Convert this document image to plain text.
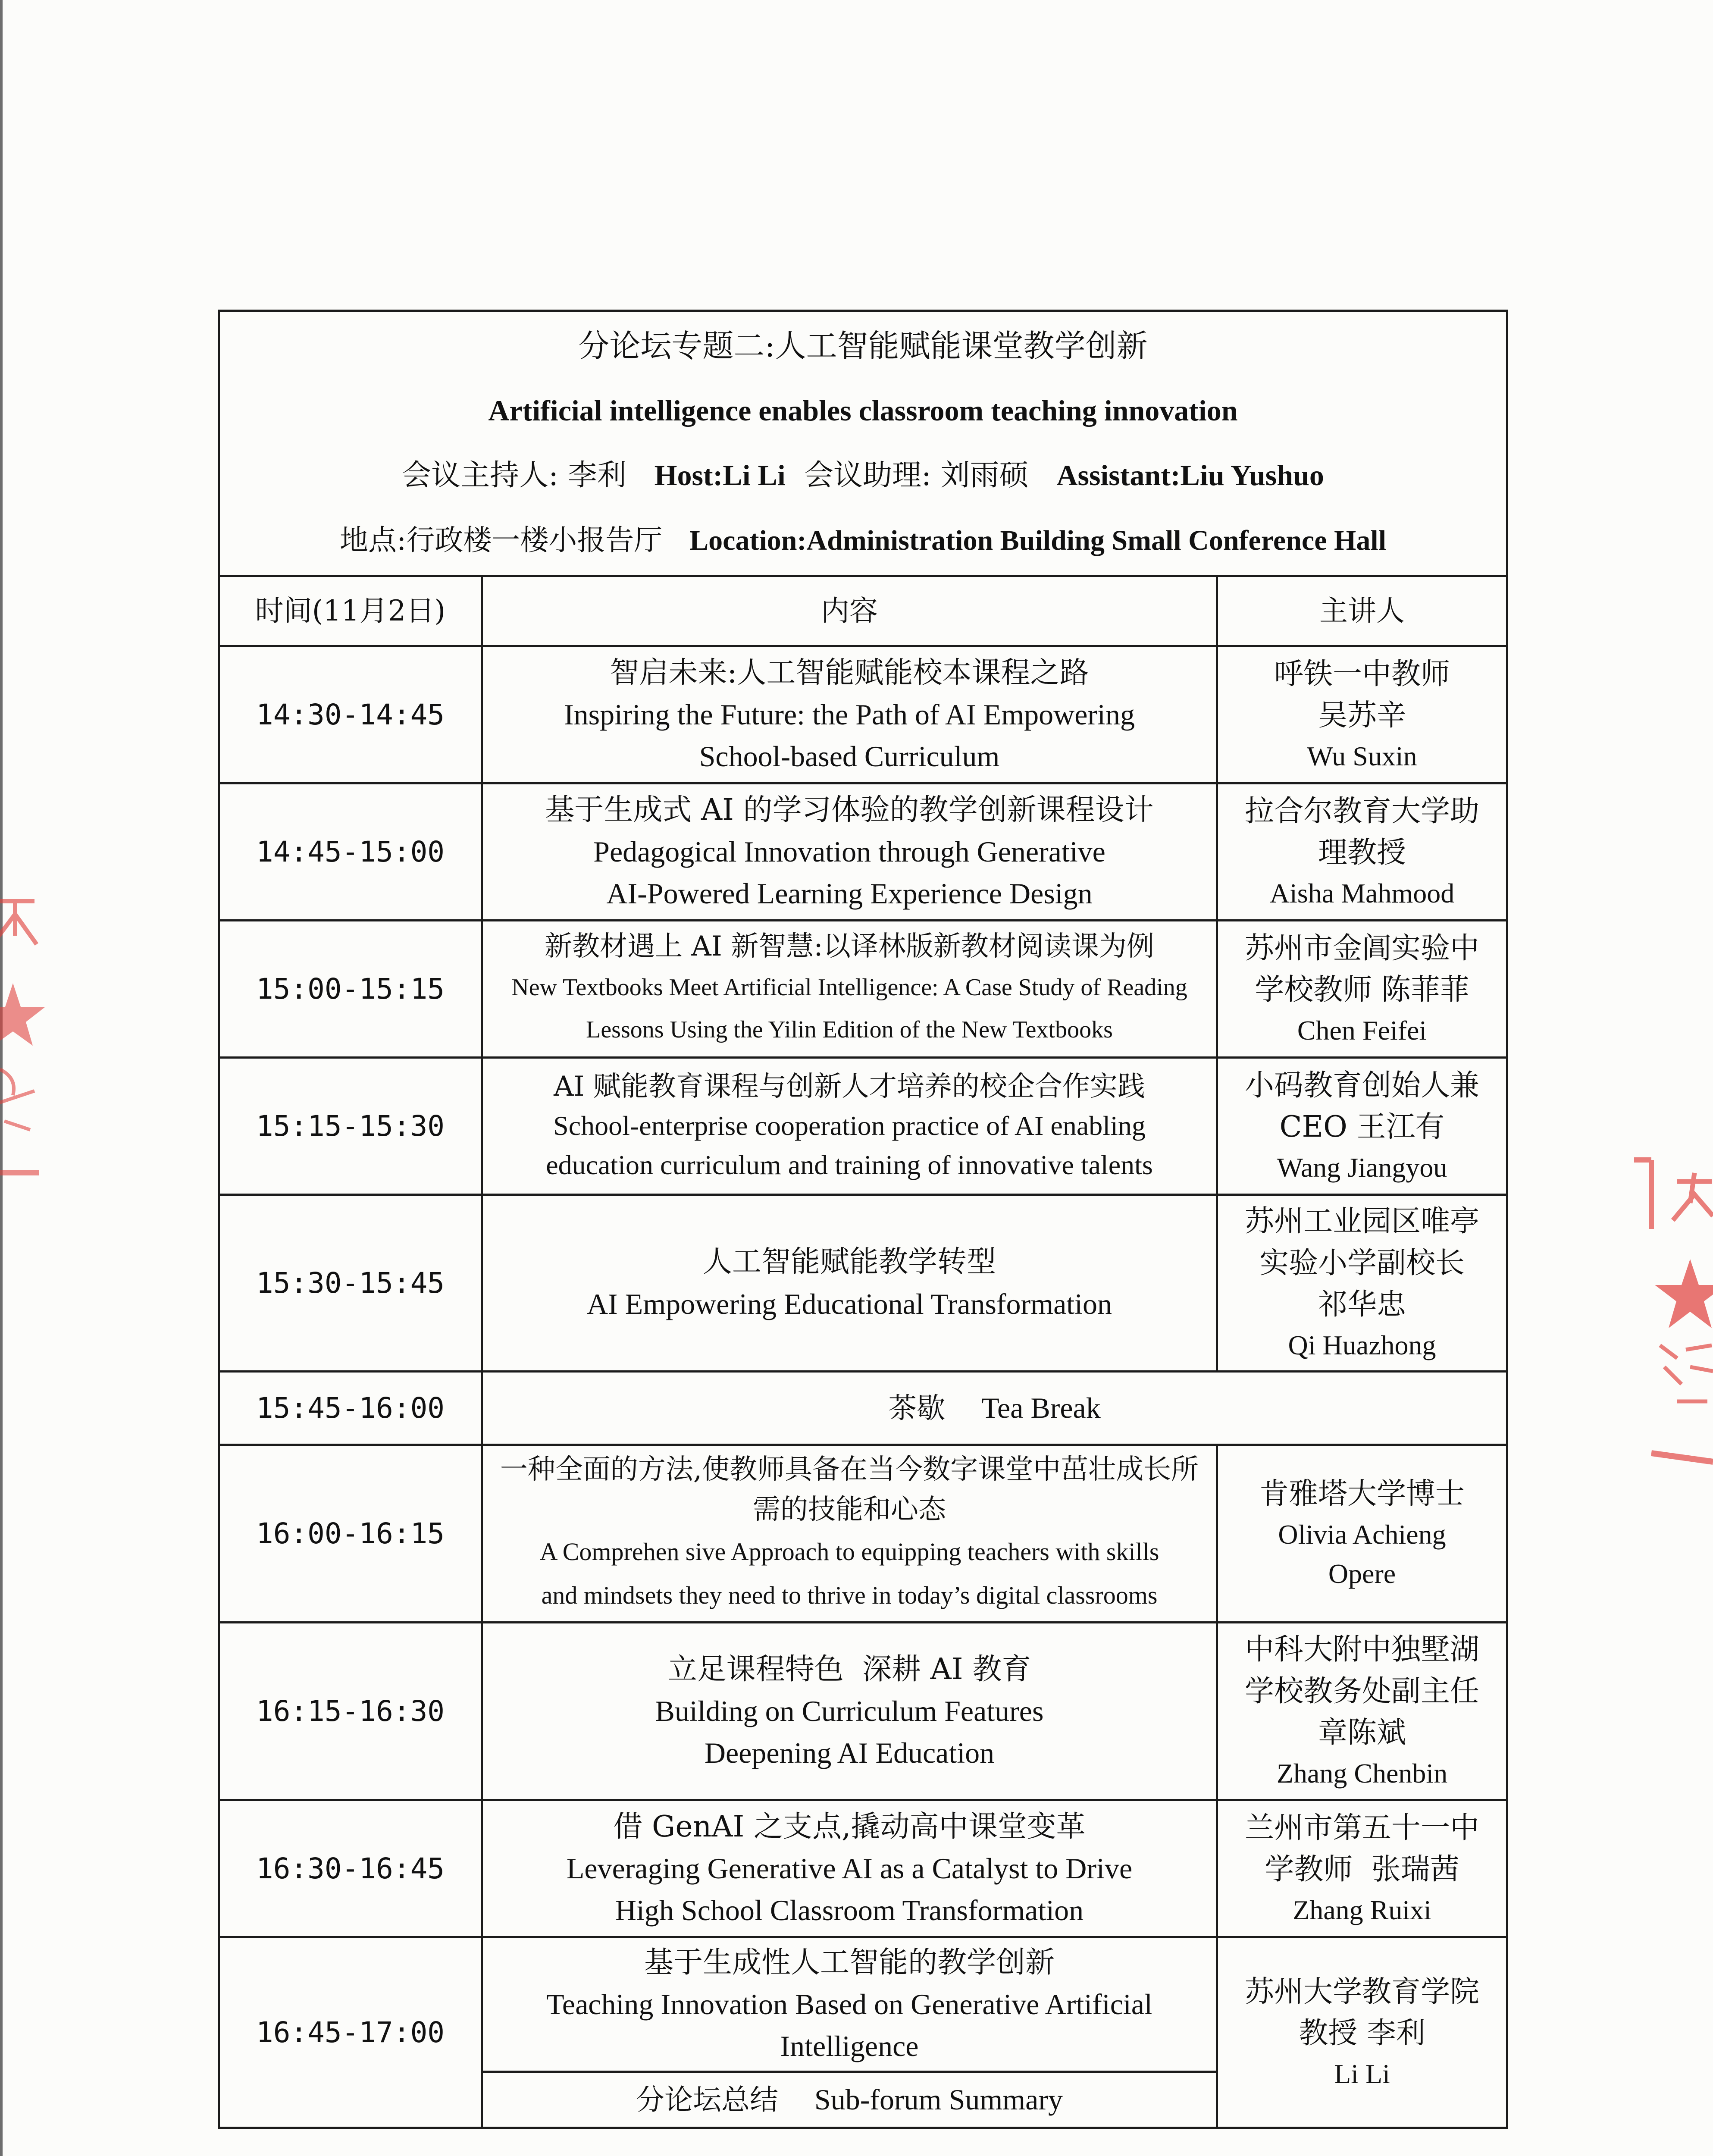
分论坛专题二:人工智能赋能课堂教学创新
Artificial intelligence enables classroom teaching innovation
会议主持人: 李利 Host:Li Li 会议助理: 刘雨硕 Assistant:Liu Yushuo
地点:行政楼一楼小报告厅 Location:Administration Building Small Conference Hall		

时间(11月2日)	内容	主讲人
14:30-14:45	智启未来:人工智能赋能校本课程之路
Inspiring the Future: the Path of AI Empowering
School-based Curriculum	呼铁一中教师
吴苏辛
Wu Suxin

14:45-15:00	基于生成式 AI 的学习体验的教学创新课程设计
Pedagogical Innovation through Generative
AI-Powered Learning Experience Design	拉合尔教育大学助
理教授
Aisha Mahmood

15:00-15:15	新教材遇上 AI 新智慧:以译林版新教材阅读课为例
New Textbooks Meet Artificial Intelligence: A Case Study of Reading
Lessons Using the Yilin Edition of the New Textbooks	苏州市金阊实验中
学校教师 陈菲菲
Chen Feifei

15:15-15:30	AI 赋能教育课程与创新人才培养的校企合作实践
School-enterprise cooperation practice of AI enabling
education curriculum and training of innovative talents	小码教育创始人兼
CEO 王江有
Wang Jiangyou

15:30-15:45	人工智能赋能教学转型
AI Empowering Educational Transformation	苏州工业园区唯亭
实验小学副校长
祁华忠
Qi Huazhong

15:45-16:00	茶歇 Tea Break	
16:00-16:15	一种全面的方法,使教师具备在当今数字课堂中茁壮成长所需的技能和心态
A Comprehen sive Approach to equipping teachers with skills
and mindsets they need to thrive in today’s digital classrooms	肯雅塔大学博士
Olivia Achieng
Opere

16:15-16:30	立足课程特色  深耕 AI 教育
Building on Curriculum Features
Deepening AI Education	中科大附中独墅湖
学校教务处副主任
章陈斌
Zhang Chenbin

16:30-16:45	借 GenAI 之支点,撬动高中课堂变革
Leveraging Generative AI as a Catalyst to Drive
High School Classroom Transformation	兰州市第五十一中
学教师  张瑞茜
Zhang Ruixi

16:45-17:00	基于生成性人工智能的教学创新
Teaching Innovation Based on Generative Artificial
Intelligence	苏州大学教育学院
教授 李利
Li Li

	分论坛总结 Sub-forum Summary	
